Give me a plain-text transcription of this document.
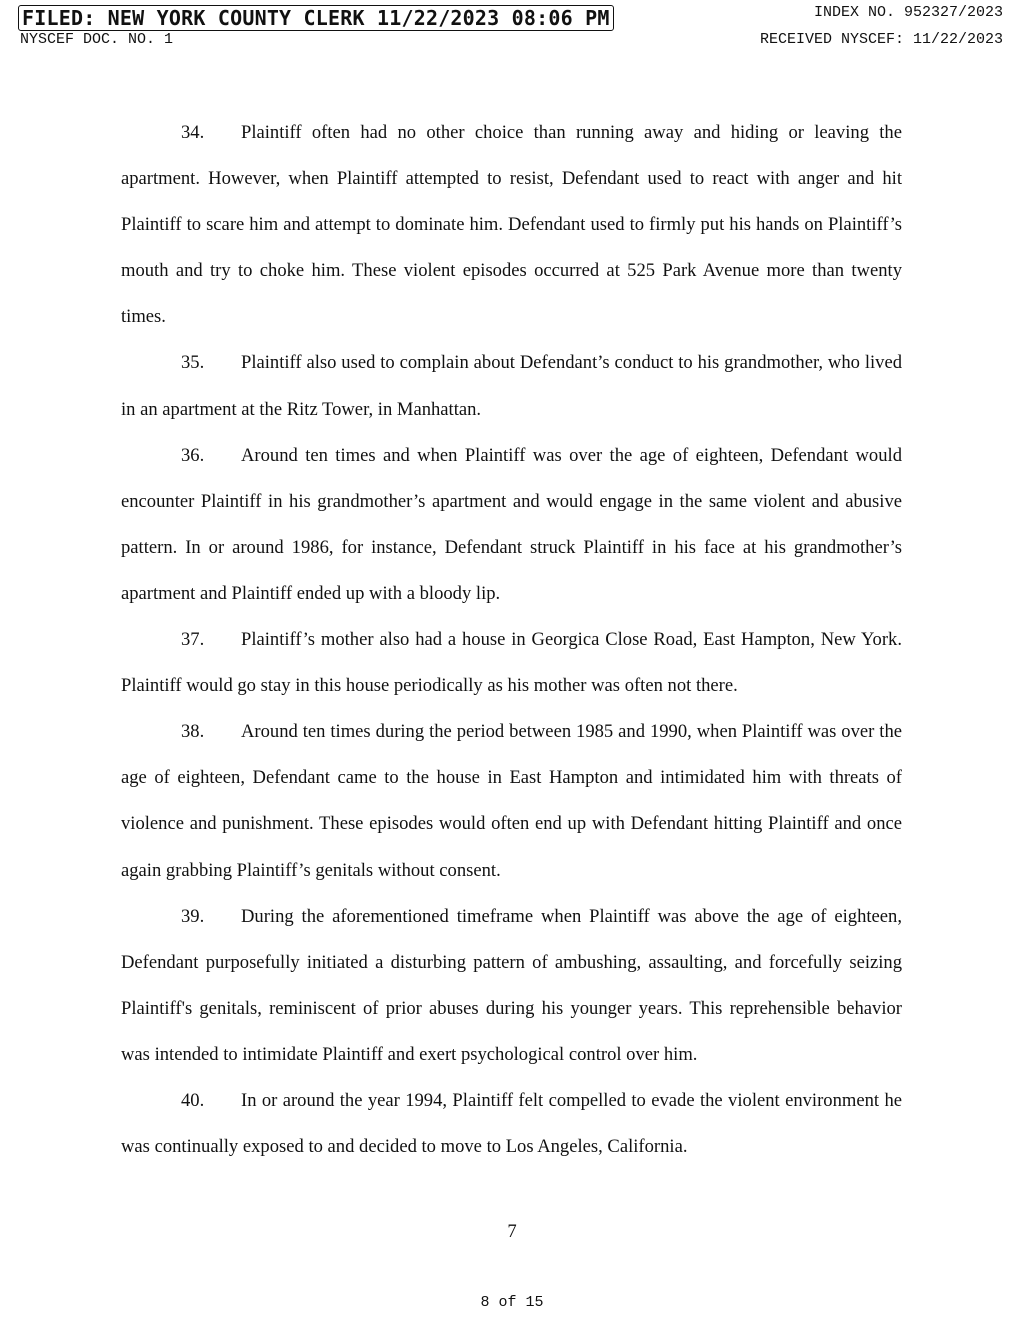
FILED: NEW YORK COUNTY CLERK 11/22/2023 08:06 PM	INDEX NO. 952327/2023
NYSCEF DOC. NO. 1	RECEIVED NYSCEF: 11/22/2023

34. Plaintiff often had no other choice than running away and hiding or leaving the apartment. However, when Plaintiff attempted to resist, Defendant used to react with anger and hit Plaintiff to scare him and attempt to dominate him. Defendant used to firmly put his hands on Plaintiff’s mouth and try to choke him. These violent episodes occurred at 525 Park Avenue more than twenty times.

35. Plaintiff also used to complain about Defendant’s conduct to his grandmother, who lived in an apartment at the Ritz Tower, in Manhattan.

36. Around ten times and when Plaintiff was over the age of eighteen, Defendant would encounter Plaintiff in his grandmother’s apartment and would engage in the same violent and abusive pattern. In or around 1986, for instance, Defendant struck Plaintiff in his face at his grandmother’s apartment and Plaintiff ended up with a bloody lip.

37. Plaintiff’s mother also had a house in Georgica Close Road, East Hampton, New York. Plaintiff would go stay in this house periodically as his mother was often not there.

38. Around ten times during the period between 1985 and 1990, when Plaintiff was over the age of eighteen, Defendant came to the house in East Hampton and intimidated him with threats of violence and punishment. These episodes would often end up with Defendant hitting Plaintiff and once again grabbing Plaintiff’s genitals without consent.

39. During the aforementioned timeframe when Plaintiff was above the age of eighteen, Defendant purposefully initiated a disturbing pattern of ambushing, assaulting, and forcefully seizing Plaintiff's genitals, reminiscent of prior abuses during his younger years. This reprehensible behavior was intended to intimidate Plaintiff and exert psychological control over him.

40. In or around the year 1994, Plaintiff felt compelled to evade the violent environment he was continually exposed to and decided to move to Los Angeles, California.

7
8 of 15
